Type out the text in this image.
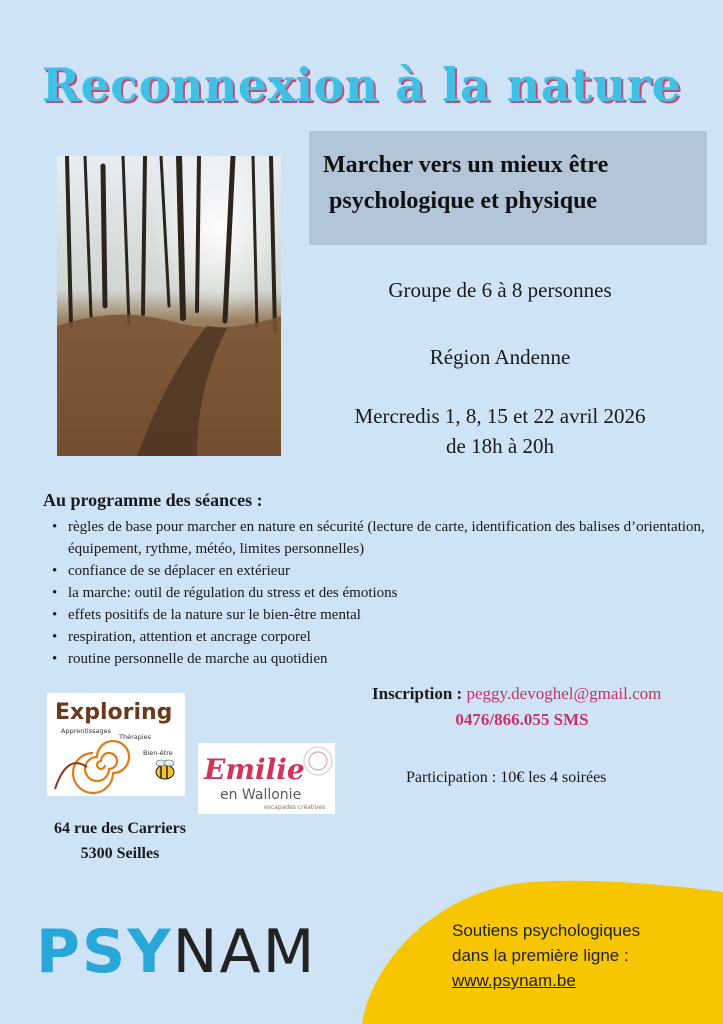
Reconnexion à la nature
Marcher vers un mieux être
psychologique et physique
Groupe de 6 à 8 personnes
Région Andenne
Mercredis 1, 8, 15 et 22 avril 2026
de 18h à 20h
Au programme des séances :
• règles de base pour marcher en nature en sécurité (lecture de carte, identification des balises d’orientation, équipement, rythme, météo, limites personnelles)
• confiance de se déplacer en extérieur
• la marche: outil de régulation du stress et des émotions
• effets positifs de la nature sur le bien-être mental
• respiration, attention et ancrage corporel
• routine personnelle de marche au quotidien
Exploring
Apprentissages
Thérapies
Bien-être Emilie
en Wallonie
escapades créatives
64 rue des Carriers
5300 Seilles
Inscription : peggy.devoghel@gmail.com
0476/866.055 SMS
Participation : 10€ les 4 soirées
PSYNAM	Soutiens psychologiques
dans la première ligne :
www.psynam.be
